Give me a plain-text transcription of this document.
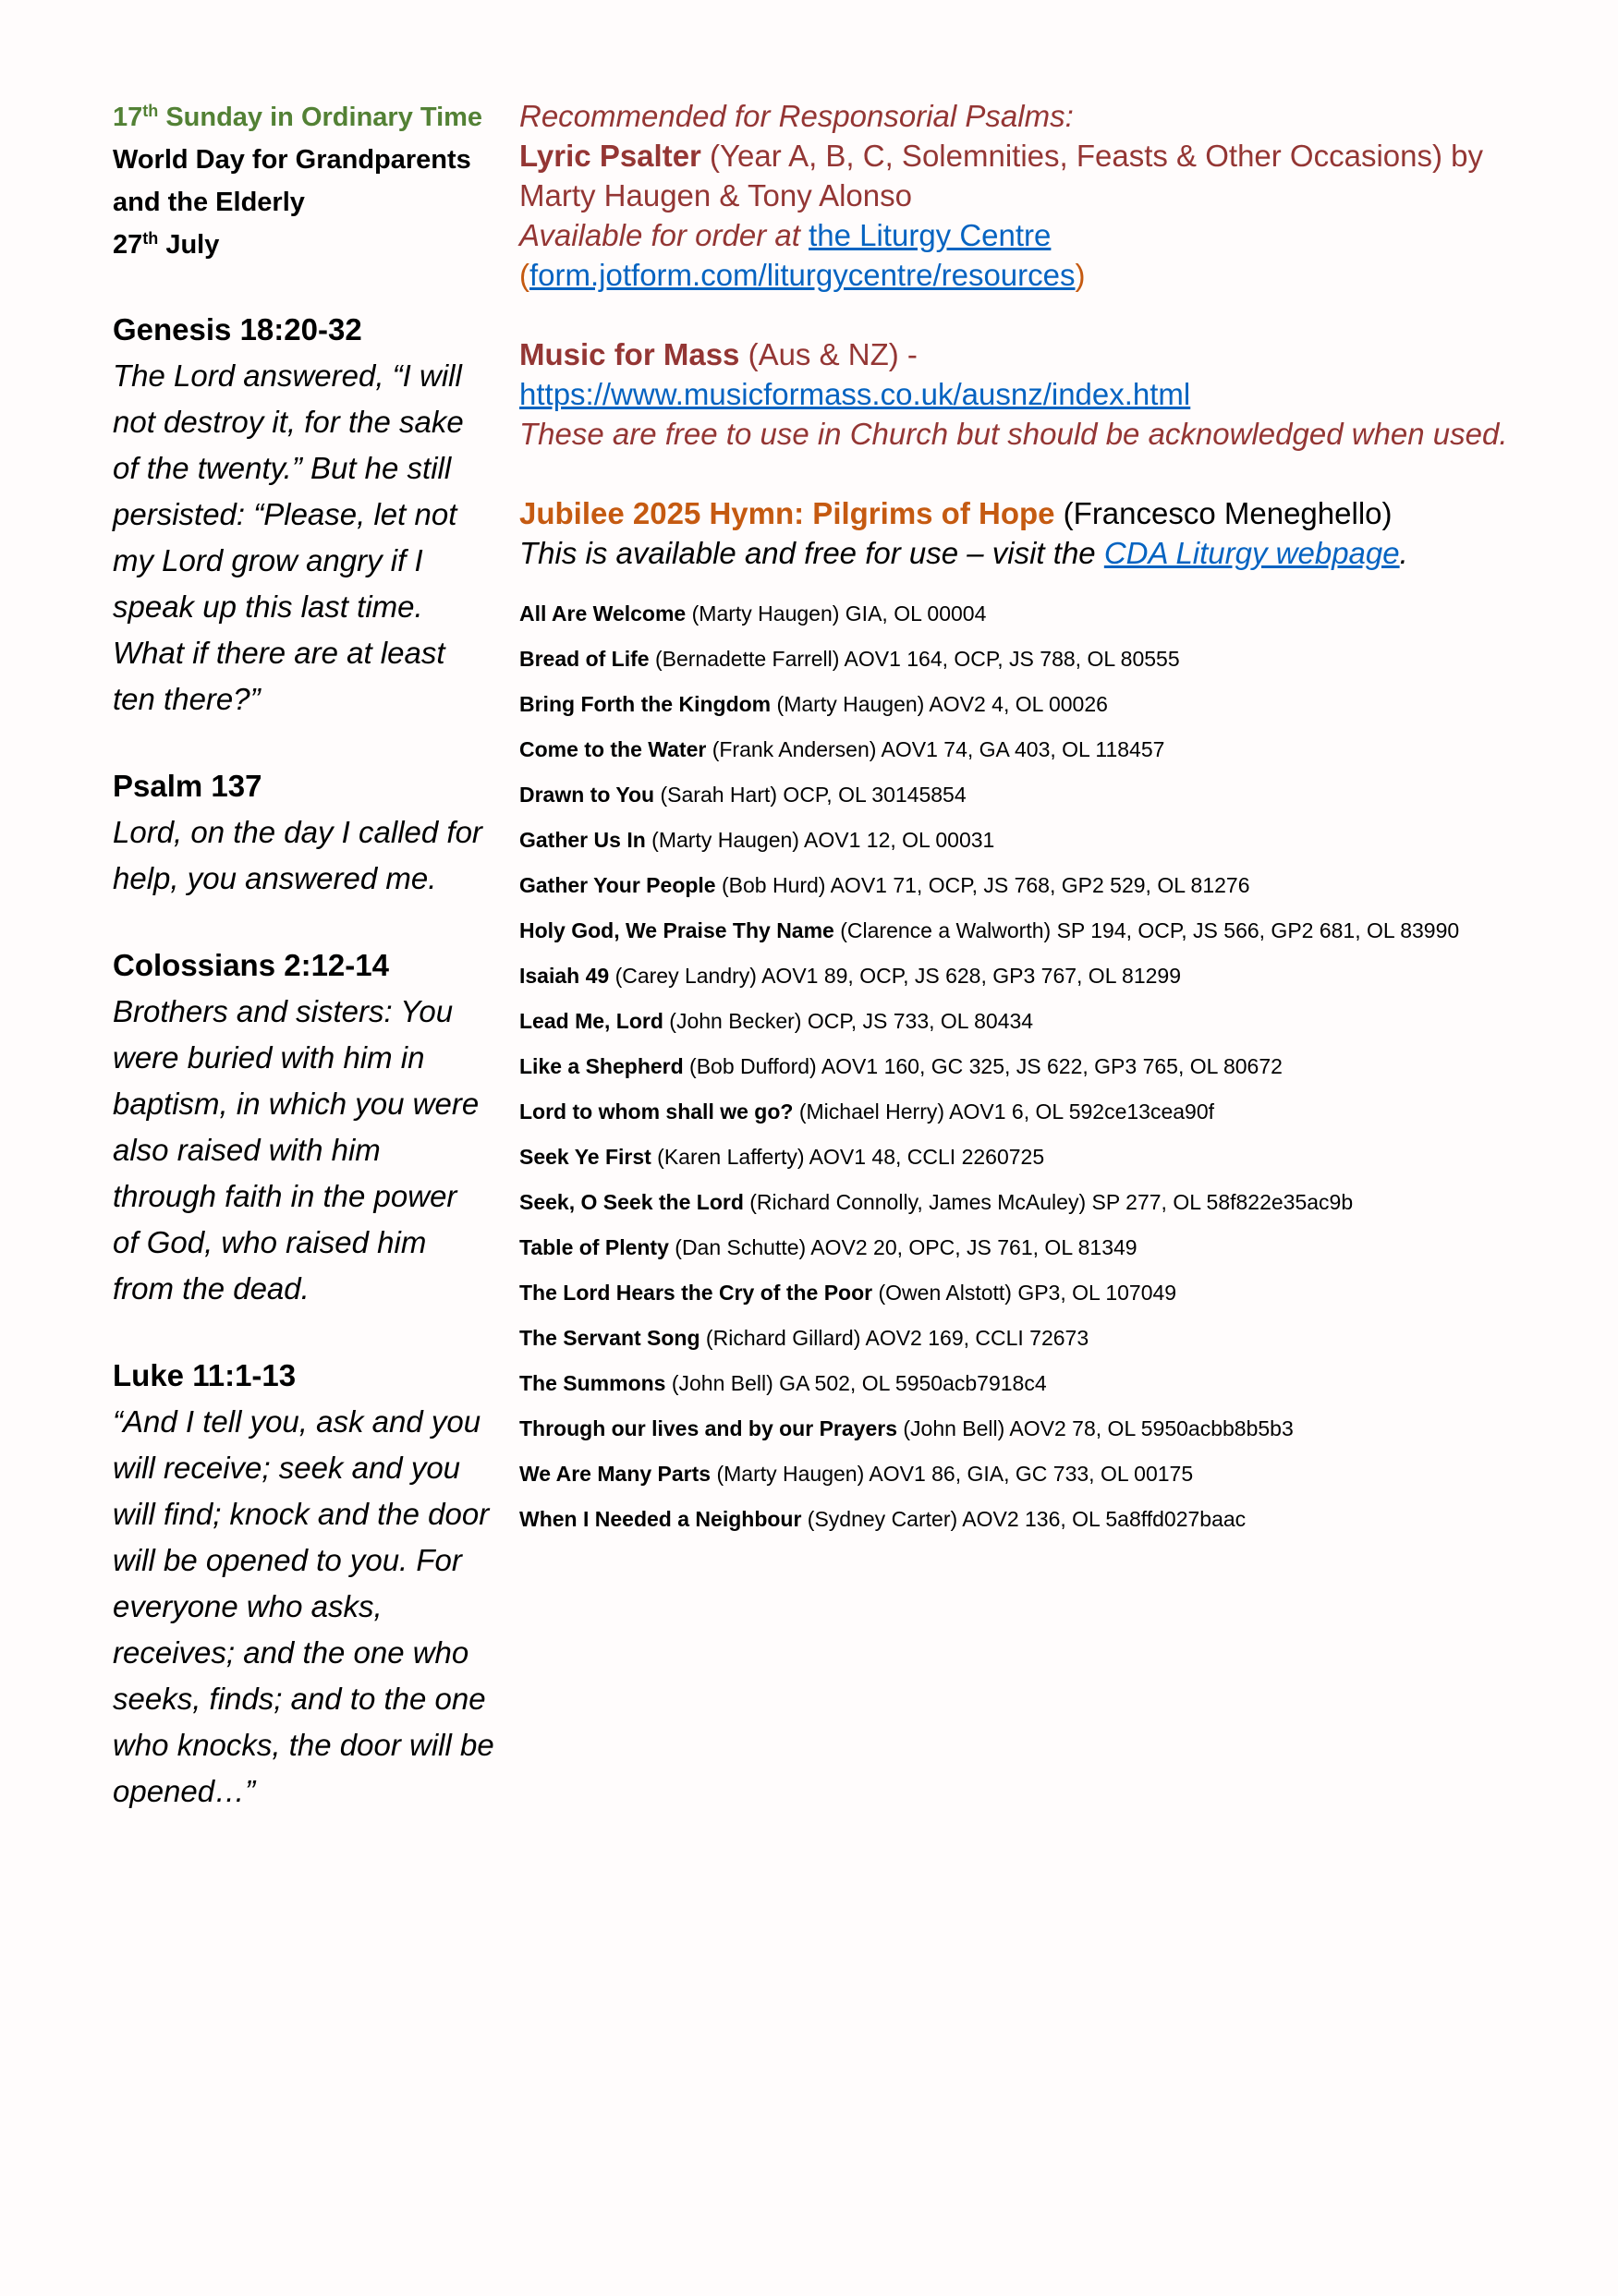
17th Sunday in Ordinary Time
World Day for Grandparents
and the Elderly
27th July
Genesis 18:20-32
The Lord answered, “I will
not destroy it, for the sake
of the twenty.” But he still
persisted: “Please, let not
my Lord grow angry if I
speak up this last time.
What if there are at least
ten there?”
Psalm 137
Lord, on the day I called for
help, you answered me.
Colossians 2:12-14
Brothers and sisters: You
were buried with him in
baptism, in which you were
also raised with him
through faith in the power
of God, who raised him
from the dead.
Luke 11:1-13
“And I tell you, ask and you
will receive; seek and you
will find; knock and the door
will be opened to you. For
everyone who asks,
receives; and the one who
seeks, finds; and to the one
who knocks, the door will be
opened…”
Recommended for Responsorial Psalms:
Lyric Psalter (Year A, B, C, Solemnities, Feasts & Other Occasions) by
Marty Haugen & Tony Alonso
Available for order at the Liturgy Centre
(form.jotform.com/liturgycentre/resources)
Music for Mass (Aus & NZ) -
https://www.musicformass.co.uk/ausnz/index.html
These are free to use in Church but should be acknowledged when used.
Jubilee 2025 Hymn: Pilgrims of Hope (Francesco Meneghello)
This is available and free for use – visit the CDA Liturgy webpage.
All Are Welcome (Marty Haugen) GIA, OL 00004
Bread of Life (Bernadette Farrell) AOV1 164, OCP, JS 788, OL 80555
Bring Forth the Kingdom (Marty Haugen) AOV2 4, OL 00026
Come to the Water (Frank Andersen) AOV1 74, GA 403, OL 118457
Drawn to You (Sarah Hart) OCP, OL 30145854
Gather Us In (Marty Haugen) AOV1 12, OL 00031
Gather Your People (Bob Hurd) AOV1 71, OCP, JS 768, GP2 529, OL 81276
Holy God, We Praise Thy Name (Clarence a Walworth) SP 194, OCP, JS 566, GP2 681, OL 83990
Isaiah 49 (Carey Landry) AOV1 89, OCP, JS 628, GP3 767, OL 81299
Lead Me, Lord (John Becker) OCP, JS 733, OL 80434
Like a Shepherd (Bob Dufford) AOV1 160, GC 325, JS 622, GP3 765, OL 80672
Lord to whom shall we go? (Michael Herry) AOV1 6, OL 592ce13cea90f
Seek Ye First (Karen Lafferty) AOV1 48, CCLI 2260725
Seek, O Seek the Lord (Richard Connolly, James McAuley) SP 277, OL 58f822e35ac9b
Table of Plenty (Dan Schutte) AOV2 20, OPC, JS 761, OL 81349
The Lord Hears the Cry of the Poor (Owen Alstott) GP3, OL 107049
The Servant Song (Richard Gillard) AOV2 169, CCLI 72673
The Summons (John Bell) GA 502, OL 5950acb7918c4
Through our lives and by our Prayers (John Bell) AOV2 78, OL 5950acbb8b5b3
We Are Many Parts (Marty Haugen) AOV1 86, GIA, GC 733, OL 00175
When I Needed a Neighbour (Sydney Carter) AOV2 136, OL 5a8ffd027baac
